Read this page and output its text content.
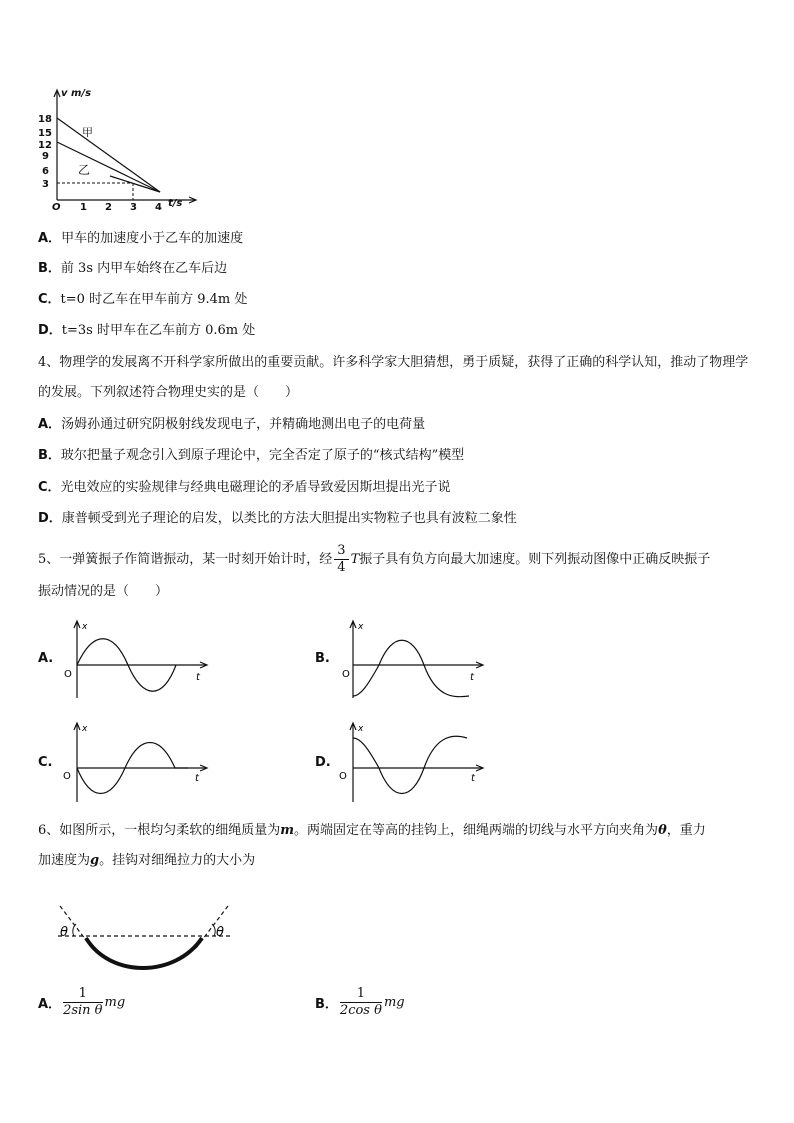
v m/s
18
15
12
9
6
3
O 1 2 3 4 t/s
甲
乙
A．甲车的加速度小于乙车的加速度
B．前 3s 内甲车始终在乙车后边
C．t=0 时乙车在甲车前方 9.4m 处
D．t=3s 时甲车在乙车前方 0.6m 处
4、物理学的发展离不开科学家所做出的重要贡献。许多科学家大胆猜想，勇于质疑，获得了正确的科学认知，推动了物理学的发展。下列叙述符合物理史实的是（　　）
A．汤姆孙通过研究阴极射线发现电子，并精确地测出电子的电荷量
B．玻尔把量子观念引入到原子理论中，完全否定了原子的“核式结构”模型
C．光电效应的实验规律与经典电磁理论的矛盾导致爱因斯坦提出光子说
D．康普顿受到光子理论的启发，以类比的方法大胆提出实物粒子也具有波粒二象性
5、一弹簧振子作简谐振动，某一时刻开始计时，经 $\frac{3}{4}$ T振子具有负方向最大加速度。则下列振动图像中正确反映振子
振动情况的是（　　）
A.
x
O	t
B.
x
O	t
C.
x
O	t
D.
x
O	t
6、如图所示，一根均匀柔软的细绳质量为m。两端固定在等高的挂钩上，细绳两端的切线与水平方向夹角为θ，重力
加速度为g。挂钩对细绳拉力的大小为
θ	θ
A． $\frac{1}{\text{2sin θ}}$ mg	B． $\frac{1}{\text{2cos θ}}$ mg
